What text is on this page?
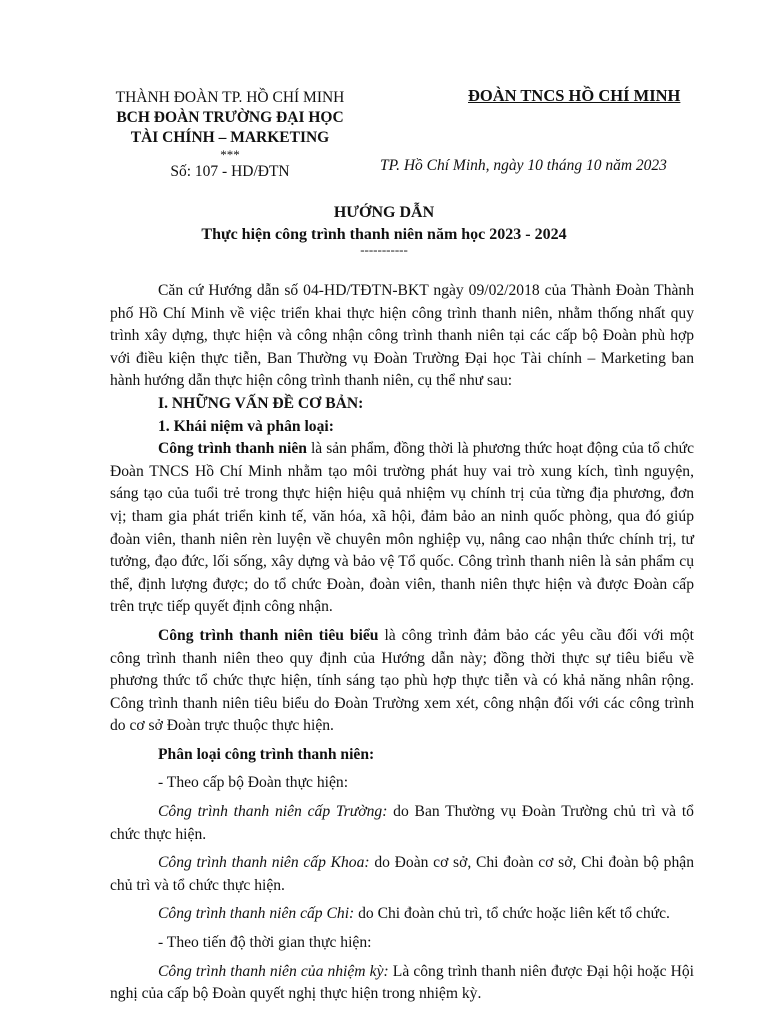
THÀNH ĐOÀN TP. HỒ CHÍ MINH
BCH ĐOÀN TRƯỜNG ĐẠI HỌC
TÀI CHÍNH – MARKETING
***
Số: 107 - HD/ĐTN
ĐOÀN TNCS HỒ CHÍ MINH
TP. Hồ Chí Minh, ngày 10 tháng 10 năm 2023
HƯỚNG DẪN
Thực hiện công trình thanh niên năm học 2023 - 2024
-----------

Căn cứ Hướng dẫn số 04-HD/TĐTN-BKT ngày 09/02/2018 của Thành Đoàn Thành phố Hồ Chí Minh về việc triển khai thực hiện công trình thanh niên, nhằm thống nhất quy trình xây dựng, thực hiện và công nhận công trình thanh niên tại các cấp bộ Đoàn phù hợp với điều kiện thực tiễn, Ban Thường vụ Đoàn Trường Đại học Tài chính – Marketing ban hành hướng dẫn thực hiện công trình thanh niên, cụ thể như sau:

I. NHỮNG VẤN ĐỀ CƠ BẢN:

1. Khái niệm và phân loại:

Công trình thanh niên là sản phẩm, đồng thời là phương thức hoạt động của tổ chức Đoàn TNCS Hồ Chí Minh nhằm tạo môi trường phát huy vai trò xung kích, tình nguyện, sáng tạo của tuổi trẻ trong thực hiện hiệu quả nhiệm vụ chính trị của từng địa phương, đơn vị; tham gia phát triển kinh tế, văn hóa, xã hội, đảm bảo an ninh quốc phòng, qua đó giúp đoàn viên, thanh niên rèn luyện về chuyên môn nghiệp vụ, nâng cao nhận thức chính trị, tư tưởng, đạo đức, lối sống, xây dựng và bảo vệ Tổ quốc. Công trình thanh niên là sản phẩm cụ thể, định lượng được; do tổ chức Đoàn, đoàn viên, thanh niên thực hiện và được Đoàn cấp trên trực tiếp quyết định công nhận.

Công trình thanh niên tiêu biểu là công trình đảm bảo các yêu cầu đối với một công trình thanh niên theo quy định của Hướng dẫn này; đồng thời thực sự tiêu biểu về phương thức tổ chức thực hiện, tính sáng tạo phù hợp thực tiễn và có khả năng nhân rộng. Công trình thanh niên tiêu biểu do Đoàn Trường xem xét, công nhận đối với các công trình do cơ sở Đoàn trực thuộc thực hiện.

Phân loại công trình thanh niên:

- Theo cấp bộ Đoàn thực hiện:

Công trình thanh niên cấp Trường: do Ban Thường vụ Đoàn Trường chủ trì và tổ chức thực hiện.

Công trình thanh niên cấp Khoa: do Đoàn cơ sở, Chi đoàn cơ sở, Chi đoàn bộ phận chủ trì và tổ chức thực hiện.

Công trình thanh niên cấp Chi: do Chi đoàn chủ trì, tổ chức hoặc liên kết tổ chức.

- Theo tiến độ thời gian thực hiện:

Công trình thanh niên của nhiệm kỳ: Là công trình thanh niên được Đại hội hoặc Hội nghị của cấp bộ Đoàn quyết nghị thực hiện trong nhiệm kỳ.
